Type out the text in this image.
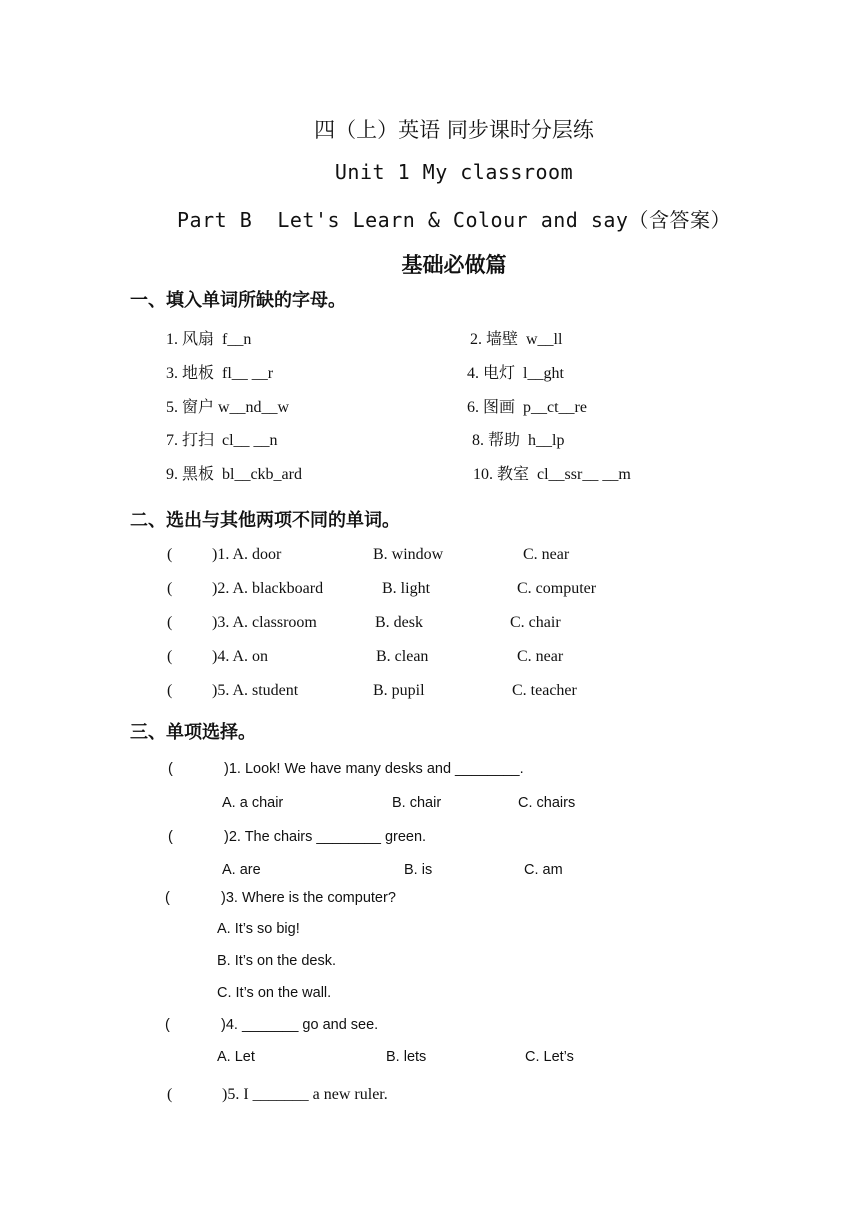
四（上）英语 同步课时分层练
Unit 1 My classroom
Part B  Let's Learn & Colour and say（含答案）
基础必做篇
一、填入单词所缺的字母。
1. 风扇  f__n	2. 墙壁  w__ll
3. 地板  fl__ __r	4. 电灯  l__ght
5. 窗户 w__nd__w	6. 图画  p__ct__re
7. 打扫  cl__ __n	8. 帮助  h__lp
9. 黑板  bl__ckb_ard	10. 教室  cl__ssr__ __m
二、选出与其他两项不同的单词。
( )1. A. door	B. window	C. near
( )2. A. blackboard	B. light	C. computer
( )3. A. classroom	B. desk	C. chair
( )4. A. on	B. clean	C. near
( )5. A. student	B. pupil	C. teacher
三、单项选择。
(	)1. Look! We have many desks and ________.
A. a chair	B. chair	C. chairs
(	)2. The chairs ________ green.
A. are	B. is	C. am
(	)3. Where is the computer?
A. It’s so big!
B. It’s on the desk.
C. It’s on the wall.
(	)4. _______ go and see.
A. Let	B. lets	C. Let’s
(	)5. I _______ a new ruler.
